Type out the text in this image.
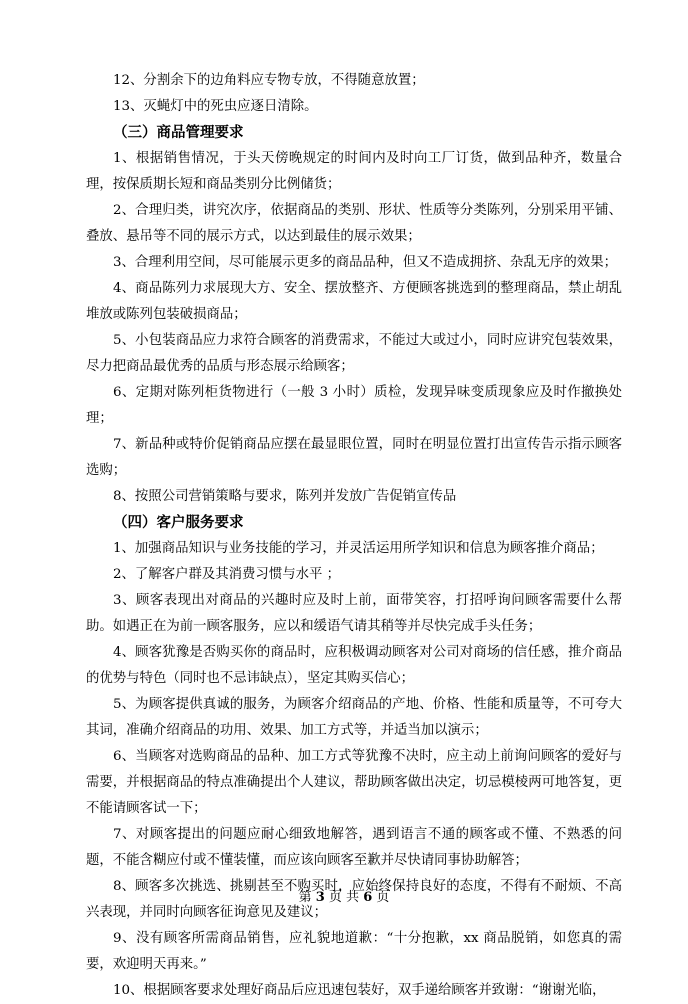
12、分割余下的边角料应专物专放，不得随意放置；

13、灭蝇灯中的死虫应逐日清除。

（三）商品管理要求

1、根据销售情况，于头天傍晚规定的时间内及时向工厂订货，做到品种齐，数量合理，按保质期长短和商品类别分比例储货；

2、合理归类，讲究次序，依据商品的类别、形状、性质等分类陈列，分别采用平铺、叠放、悬吊等不同的展示方式，以达到最佳的展示效果；

3、合理利用空间，尽可能展示更多的商品品种，但又不造成拥挤、杂乱无序的效果；

4、商品陈列力求展现大方、安全、摆放整齐、方便顾客挑选到的整理商品，禁止胡乱堆放或陈列包装破损商品；

5、小包装商品应力求符合顾客的消费需求，不能过大或过小，同时应讲究包装效果，尽力把商品最优秀的品质与形态展示给顾客；

6、定期对陈列柜货物进行（一般 3 小时）质检，发现异味变质现象应及时作撤换处理；

7、新品种或特价促销商品应摆在最显眼位置，同时在明显位置打出宣传告示指示顾客选购；

8、按照公司营销策略与要求，陈列并发放广告促销宣传品

（四）客户服务要求

1、加强商品知识与业务技能的学习，并灵活运用所学知识和信息为顾客推介商品；

2、了解客户群及其消费习惯与水平 ；

3、顾客表现出对商品的兴趣时应及时上前，面带笑容，打招呼询问顾客需要什么帮助。如遇正在为前一顾客服务，应以和缓语气请其稍等并尽快完成手头任务；

4、顾客犹豫是否购买你的商品时，应积极调动顾客对公司对商场的信任感，推介商品的优势与特色（同时也不忌讳缺点），坚定其购买信心；

5、为顾客提供真诚的服务，为顾客介绍商品的产地、价格、性能和质量等，不可夸大其词，准确介绍商品的功用、效果、加工方式等，并适当加以演示；

6、当顾客对选购商品的品种、加工方式等犹豫不决时，应主动上前询问顾客的爱好与需要，并根据商品的特点准确提出个人建议，帮助顾客做出决定，切忌模棱两可地答复，更不能请顾客试一下；

7、对顾客提出的问题应耐心细致地解答，遇到语言不通的顾客或不懂、不熟悉的问题，不能含糊应付或不懂装懂，而应该向顾客至歉并尽快请同事协助解答；

8、顾客多次挑选、挑剔甚至不购买时，应始终保持良好的态度，不得有不耐烦、不高兴表现，并同时向顾客征询意见及建议；

9、没有顾客所需商品销售，应礼貌地道歉：“十分抱歉，xx 商品脱销，如您真的需要，欢迎明天再来。”

10、根据顾客要求处理好商品后应迅速包装好，双手递给顾客并致谢：“谢谢光临，

第 3 页 共 6 页
